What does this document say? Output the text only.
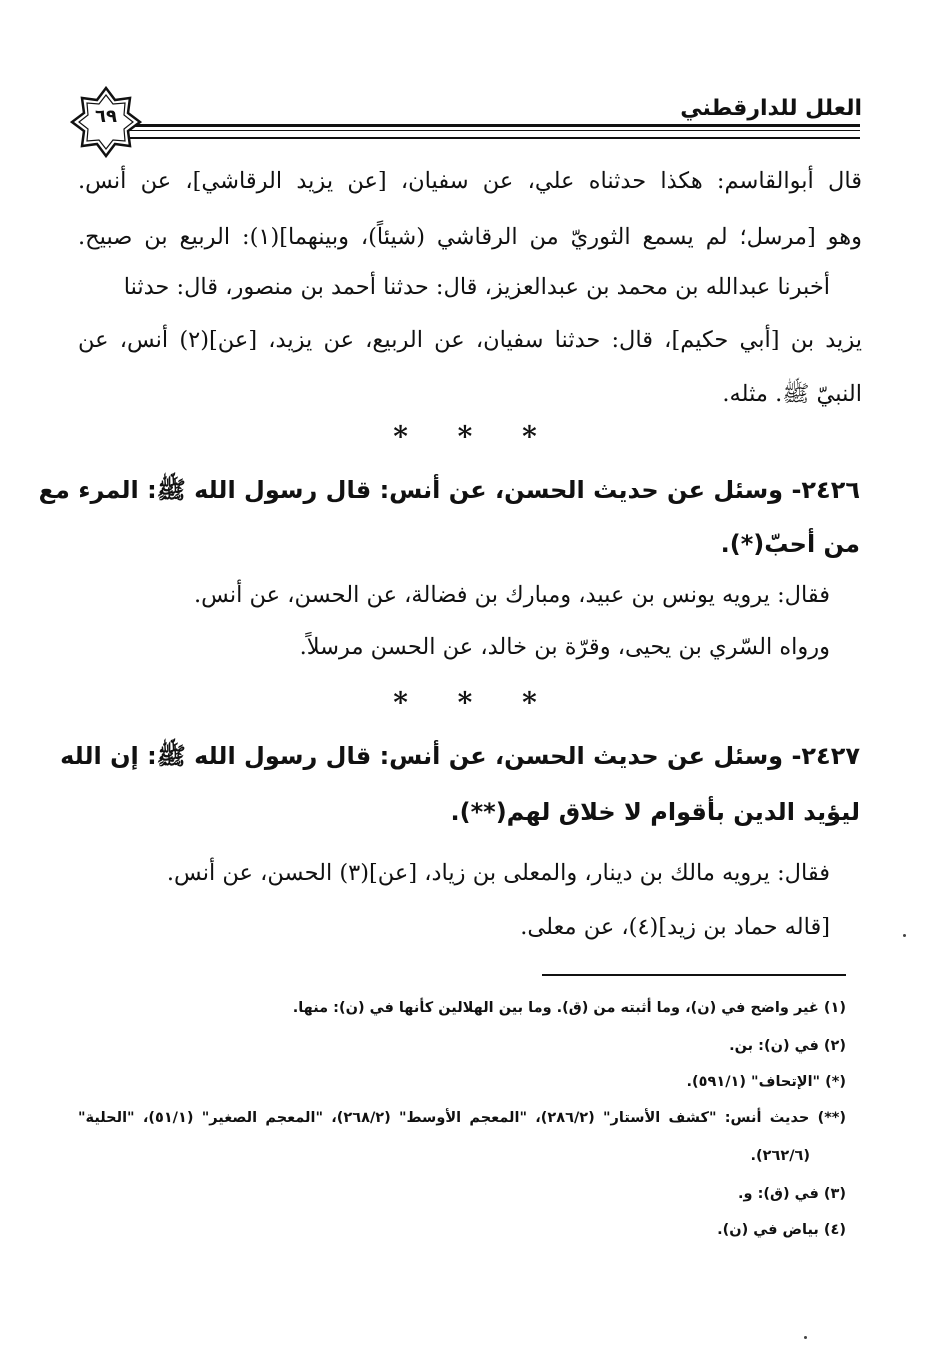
العلل للدارقطني
٦٩
قال أبوالقاسم: هكذا حدثناه علي، عن سفيان، [عن يزيد الرقاشي]، عن أنس.
وهو [مرسل؛ لم يسمع الثوريّ من الرقاشي (شيئاً)، وبينهما](١): الربيع بن صبيح.
أخبرنا عبدالله بن محمد بن عبدالعزيز، قال: حدثنا أحمد بن منصور، قال: حدثنا
يزيد بن [أبي حكيم]، قال: حدثنا سفيان، عن الربيع، عن يزيد، [عن](٢) أنس، عن
النبيّ ﷺ. مثله.
* * *
٢٤٢٦- وسئل عن حديث الحسن، عن أنس: قال رسول الله ﷺ: المرء مع
من أحبّ(*).
فقال: يرويه يونس بن عبيد، ومبارك بن فضالة، عن الحسن، عن أنس.
ورواه السّري بن يحيى، وقرّة بن خالد، عن الحسن مرسلاً.
* * *
٢٤٢٧- وسئل عن حديث الحسن، عن أنس: قال رسول الله ﷺ: إن الله
ليؤيد الدين بأقوام لا خلاق لهم(**).
فقال: يرويه مالك بن دينار، والمعلى بن زياد، [عن](٣) الحسن، عن أنس.
[قاله حماد بن زيد](٤)، عن معلى.
(١) غير واضح في (ن)، وما أثبته من (ق). وما بين الهلالين كأنها في (ن): منها.
(٢) في (ن): بن.
(*) "الإتحاف" (٥٩١/١).
(**) حديث أنس: "كشف الأستار" (٢٨٦/٢)، "المعجم الأوسط" (٢٦٨/٢)، "المعجم الصغير" (٥١/١)، "الحلية"
(٢٦٢/٦).
(٣) في (ق): و.
(٤) بياض في (ن).
